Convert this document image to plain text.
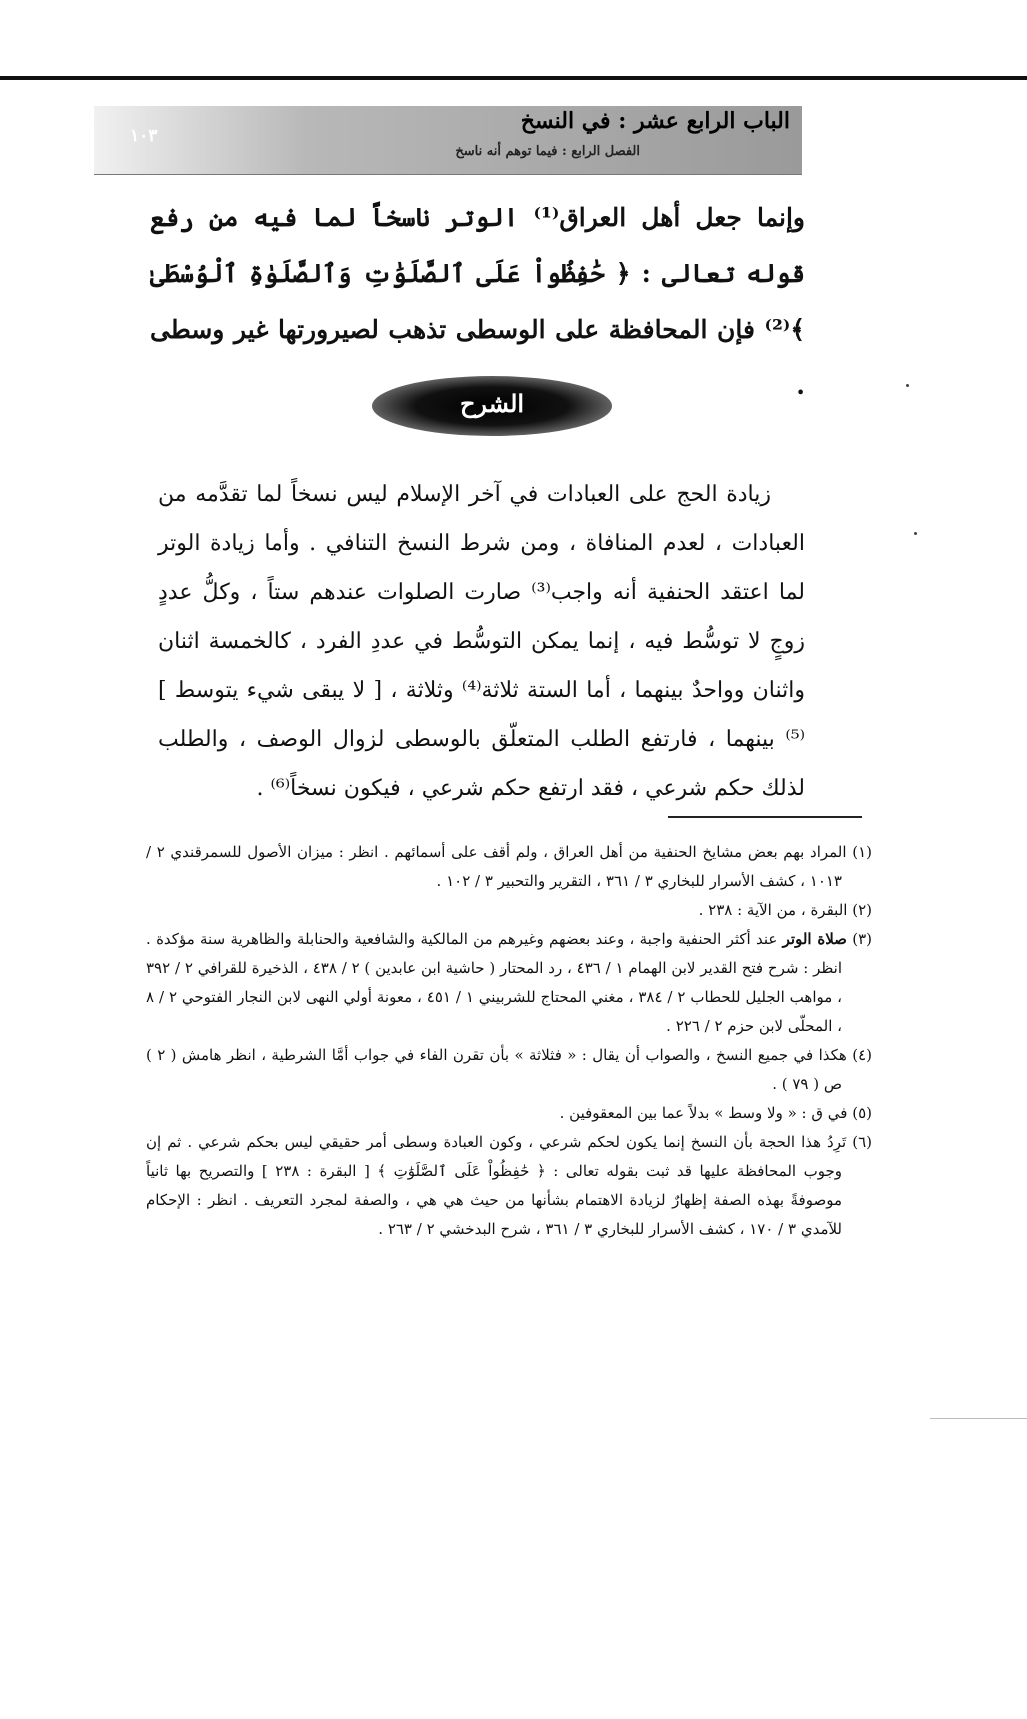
الباب الرابع عشر : في النسخ
الفصل الرابع : فيما توهم أنه ناسخ
١٠٣
وإنما جعل أهل العراق⁽¹⁾ الوتر ناسخاً لما فيه من رفع قوله تعالى : ﴿ حَٰفِظُواْ عَلَى ٱلصَّلَوَٰتِ وَٱلصَّلَوٰةِ ٱلْوُسْطَىٰ ﴾⁽²⁾ فإن المحافظة على الوسطى تذهب لصيرورتها غير وسطى .
الشرح

زيادة الحج على العبادات في آخر الإسلام ليس نسخاً لما تقدَّمه من العبادات ، لعدم المنافاة ، ومن شرط النسخ التنافي . وأما زيادة الوتر لما اعتقد الحنفية أنه واجب⁽³⁾ صارت الصلوات عندهم ستاً ، وكلُّ عددٍ زوجٍ لا توسُّط فيه ، إنما يمكن التوسُّط في عددِ الفرد ، كالخمسة اثنان واثنان وواحدٌ بينهما ، أما الستة ثلاثة⁽⁴⁾ وثلاثة ، [ لا يبقى شيء يتوسط ]⁽⁵⁾ بينهما ، فارتفع الطلب المتعلّق بالوسطى لزوال الوصف ، والطلب لذلك حكم شرعي ، فقد ارتفع حكم شرعي ، فيكون نسخاً⁽⁶⁾ .

(١) المراد بهم بعض مشايخ الحنفية من أهل العراق ، ولم أقف على أسمائهم . انظر : ميزان الأصول للسمرقندي ٢ / ١٠١٣ ، كشف الأسرار للبخاري ٣ / ٣٦١ ، التقرير والتحبير ٣ / ١٠٢ .

(٢) البقرة ، من الآية : ٢٣٨ .

(٣) صلاة الوتر عند أكثر الحنفية واجبة ، وعند بعضهم وغيرهم من المالكية والشافعية والحنابلة والظاهرية سنة مؤكدة . انظر : شرح فتح القدير لابن الهمام ١ / ٤٣٦ ، رد المحتار ( حاشية ابن عابدين ) ٢ / ٤٣٨ ، الذخيرة للقرافي ٢ / ٣٩٢ ، مواهب الجليل للحطاب ٢ / ٣٨٤ ، مغني المحتاج للشربيني ١ / ٤٥١ ، معونة أولي النهى لابن النجار الفتوحي ٢ / ٨ ، المحلّى لابن حزم ٢ / ٢٢٦ .

(٤) هكذا في جميع النسخ ، والصواب أن يقال : « فثلاثة » بأن تقرن الفاء في جواب أمَّا الشرطية ، انظر هامش ( ٢ ) ص ( ٧٩ ) .

(٥) في ق : « ولا وسط » بدلاً عما بين المعقوفين .

(٦) تَرِدُ هذا الحجة بأن النسخ إنما يكون لحكم شرعي ، وكون العبادة وسطى أمر حقيقي ليس بحكم شرعي . ثم إن وجوب المحافظة عليها قد ثبت بقوله تعالى : ﴿ حَٰفِظُواْ عَلَى ٱلصَّلَوَٰتِ ﴾ [ البقرة : ٢٣٨ ] والتصريح بها ثانياً موصوفةً بهذه الصفة إظهارٌ لزيادة الاهتمام بشأنها من حيث هي هي ، والصفة لمجرد التعريف . انظر : الإحكام للآمدي ٣ / ١٧٠ ، كشف الأسرار للبخاري ٣ / ٣٦١ ، شرح البدخشي ٢ / ٢٦٣ .
